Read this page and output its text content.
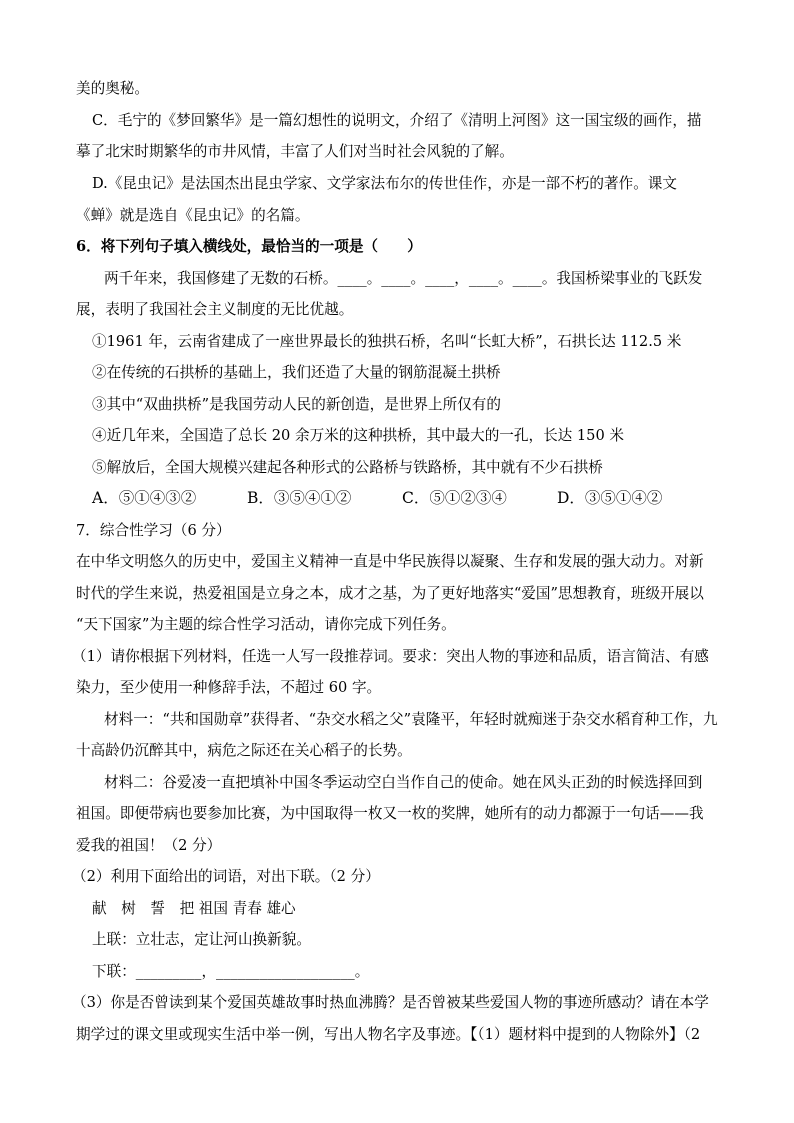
美的奥秘。
C．毛宁的《梦回繁华》是一篇幻想性的说明文，介绍了《清明上河图》这一国宝级的画作，描
摹了北宋时期繁华的市井风情，丰富了人们对当时社会风貌的了解。
D.《昆虫记》是法国杰出昆虫学家、文学家法布尔的传世佳作，亦是一部不朽的著作。课文
《蝉》就是选自《昆虫记》的名篇。
6．将下列句子填入横线处，最恰当的一项是（　　）
两千年来，我国修建了无数的石桥。____。____。____，____。____。我国桥梁事业的飞跃发
展，表明了我国社会主义制度的无比优越。
①1961 年，云南省建成了一座世界最长的独拱石桥，名叫“长虹大桥”，石拱长达 112.5 米
②在传统的石拱桥的基础上，我们还造了大量的钢筋混凝土拱桥
③其中“双曲拱桥”是我国劳动人民的新创造，是世界上所仅有的
④近几年来，全国造了总长 20 余万米的这种拱桥，其中最大的一孔，长达 150 米
⑤解放后，全国大规模兴建起各种形式的公路桥与铁路桥，其中就有不少石拱桥
A．⑤①④③②	B．③⑤④①②	C．⑤①②③④	D．③⑤①④②
7．综合性学习（6 分）
在中华文明悠久的历史中，爱国主义精神一直是中华民族得以凝聚、生存和发展的强大动力。对新
时代的学生来说，热爱祖国是立身之本，成才之基，为了更好地落实“爱国”思想教育，班级开展以
“天下国家”为主题的综合性学习活动，请你完成下列任务。
（1）请你根据下列材料，任选一人写一段推荐词。要求：突出人物的事迹和品质，语言简洁、有感
染力，至少使用一种修辞手法，不超过 60 字。
材料一：“共和国勋章”获得者、“杂交水稻之父”袁隆平，年轻时就痴迷于杂交水稻育种工作，九
十高龄仍沉醉其中，病危之际还在关心稻子的长势。
材料二：谷爱凌一直把填补中国冬季运动空白当作自己的使命。她在风头正劲的时候选择回到
祖国。即便带病也要参加比赛，为中国取得一枚又一枚的奖牌，她所有的动力都源于一句话——我
爱我的祖国！（2 分）
（2）利用下面给出的词语，对出下联。（2 分）
献　树　誓　把 祖国 青春 雄心
上联：立壮志，定让河山换新貌。
下联：_________，___________________。
（3）你是否曾读到某个爱国英雄故事时热血沸腾？是否曾被某些爱国人物的事迹所感动？请在本学
期学过的课文里或现实生活中举一例，写出人物名字及事迹。【（1）题材料中提到的人物除外】（2
